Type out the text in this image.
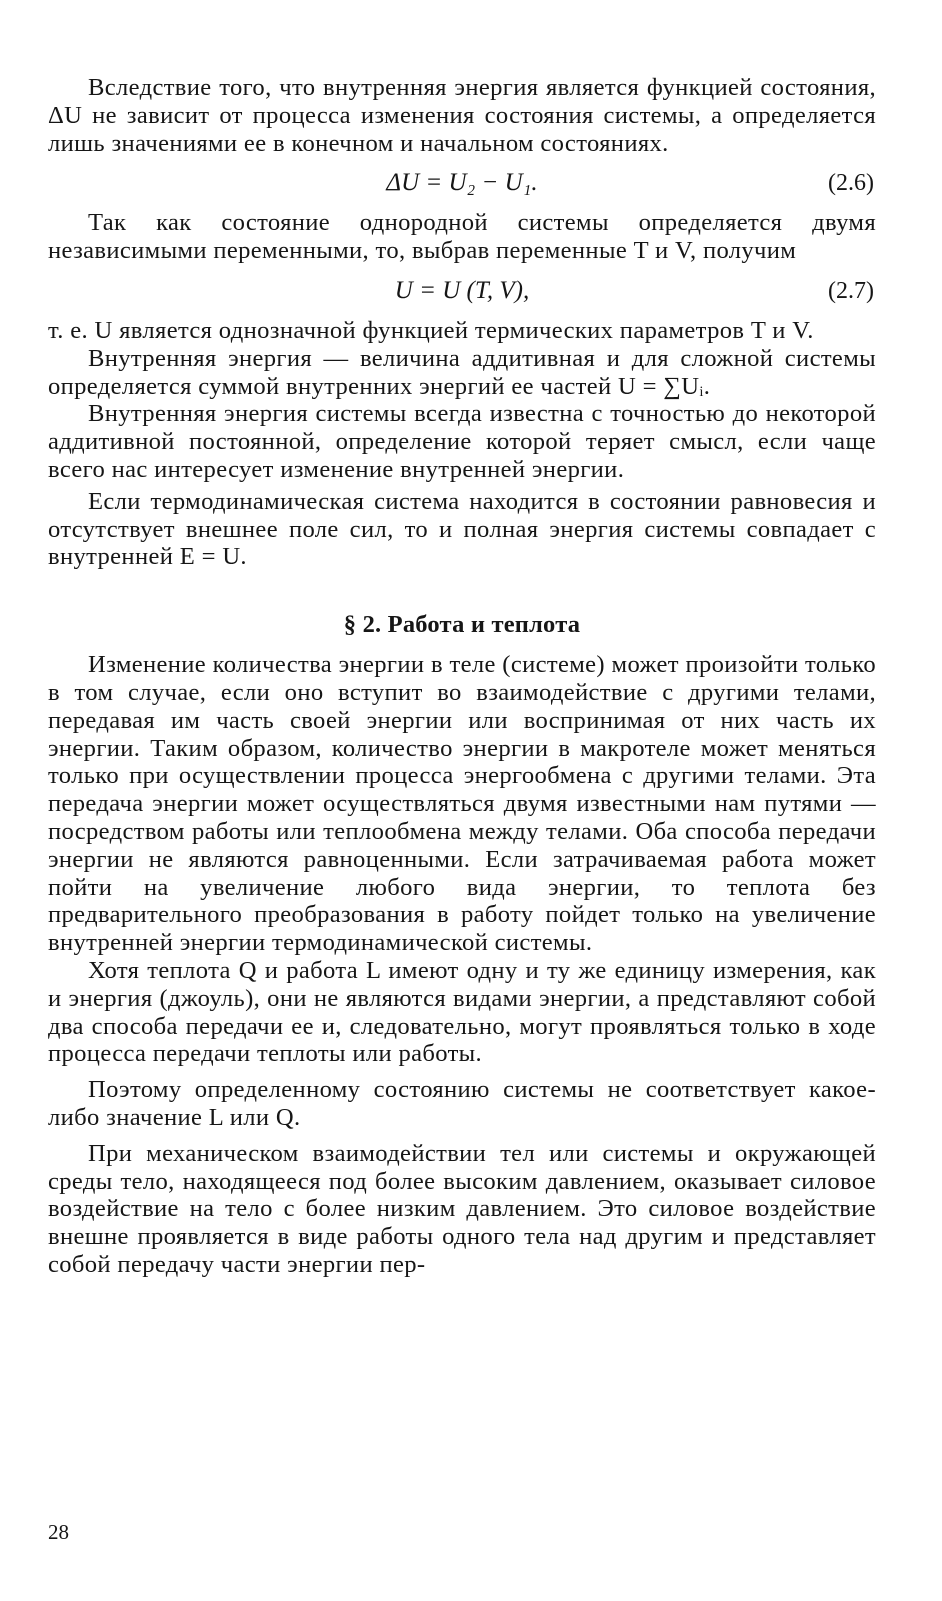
Вследствие того, что внутренняя энергия является функцией состояния, ΔU не зависит от процесса изменения состояния системы, а определяется лишь значениями ее в конечном и начальном состояниях.

ΔU = U₂ − U₁.	(2.6)

Так как состояние однородной системы определяется двумя независимыми переменными, то, выбрав переменные T и V, получим

U = U (T, V),	(2.7)

т. е. U является однозначной функцией термических параметров T и V.

Внутренняя энергия — величина аддитивная и для сложной системы определяется суммой внутренних энергий ее частей U = ∑Uᵢ.

Внутренняя энергия системы всегда известна с точностью до некоторой аддитивной постоянной, определение которой теряет смысл, если чаще всего нас интересует изменение внутренней энергии.

Если термодинамическая система находится в состоянии равновесия и отсутствует внешнее поле сил, то и полная энергия системы совпадает с внутренней E = U.

§ 2. Работа и теплота

Изменение количества энергии в теле (системе) может произойти только в том случае, если оно вступит во взаимодействие с другими телами, передавая им часть своей энергии или воспринимая от них часть их энергии. Таким образом, количество энергии в макротеле может меняться только при осуществлении процесса энергообмена с другими телами. Эта передача энергии может осуществляться двумя известными нам путями — посредством работы или теплообмена между телами. Оба способа передачи энергии не являются равноценными. Если затрачиваемая работа может пойти на увеличение любого вида энергии, то теплота без предварительного преобразования в работу пойдет только на увеличение внутренней энергии термодинамической системы.

Хотя теплота Q и работа L имеют одну и ту же единицу измерения, как и энергия (джоуль), они не являются видами энергии, а представляют собой два способа передачи ее и, следовательно, могут проявляться только в ходе процесса передачи теплоты или работы.

Поэтому определенному состоянию системы не соответствует какое-либо значение L или Q.

При механическом взаимодействии тел или системы и окружающей среды тело, находящееся под более высоким давлением, оказывает силовое воздействие на тело с более низким давлением. Это силовое воздействие внешне проявляется в виде работы одного тела над другим и представляет собой передачу части энергии пер-

28
